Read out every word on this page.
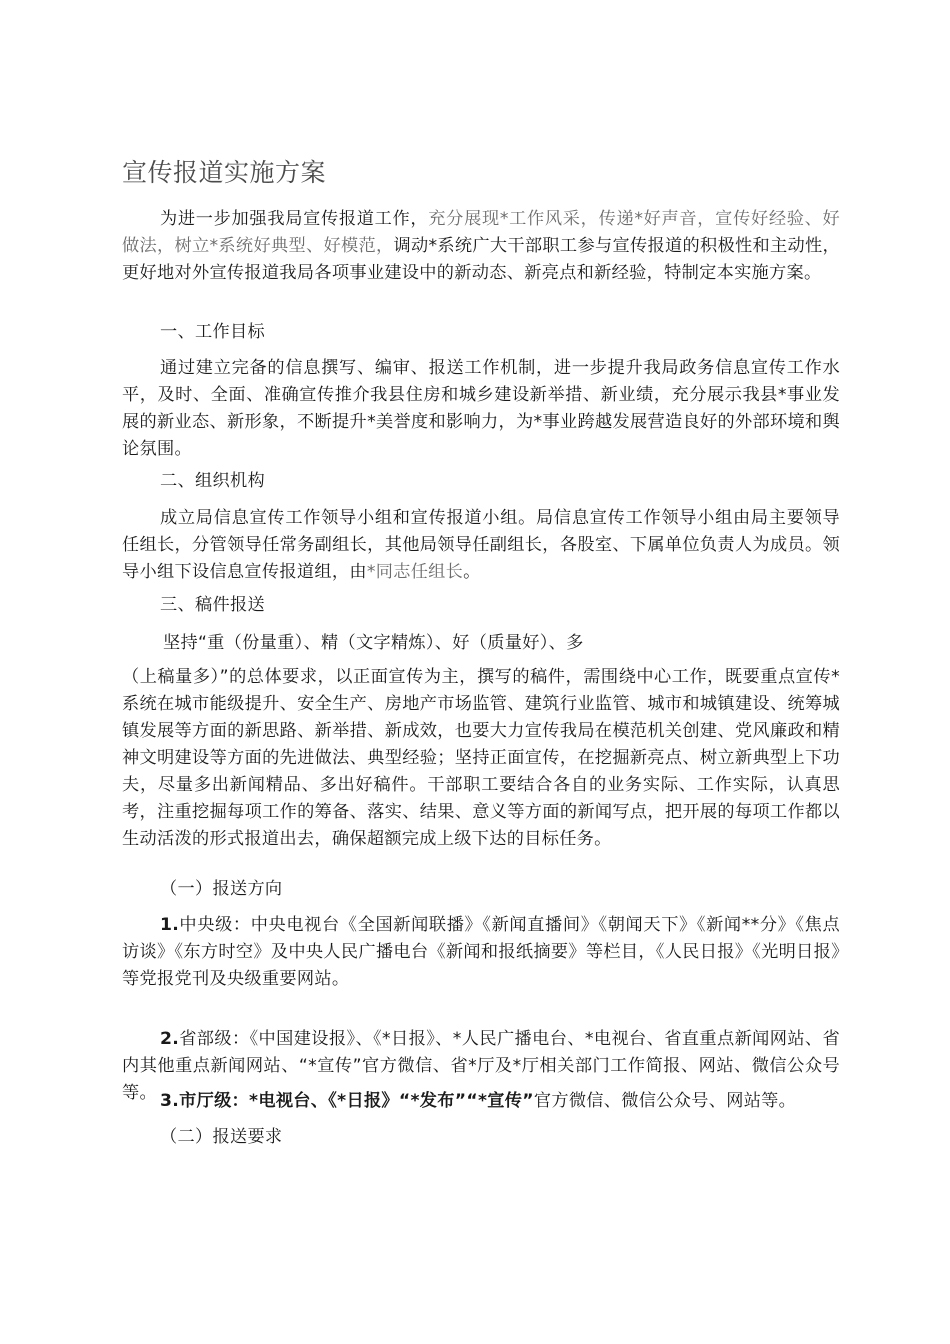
宣传报道实施方案

为进一步加强我局宣传报道工作，充分展现*工作风采，传递*好声音，宣传好经验、好做法，树立*系统好典型、好模范，调动*系统广大干部职工参与宣传报道的积极性和主动性，更好地对外宣传报道我局各项事业建设中的新动态、新亮点和新经验，特制定本实施方案。

一、工作目标

通过建立完备的信息撰写、编审、报送工作机制，进一步提升我局政务信息宣传工作水平，及时、全面、准确宣传推介我县住房和城乡建设新举措、新业绩，充分展示我县*事业发展的新业态、新形象，不断提升*美誉度和影响力，为*事业跨越发展营造良好的外部环境和舆论氛围。

二、组织机构

成立局信息宣传工作领导小组和宣传报道小组。局信息宣传工作领导小组由局主要领导任组长，分管领导任常务副组长，其他局领导任副组长，各股室、下属单位负责人为成员。领导小组下设信息宣传报道组，由*同志任组长。

三、稿件报送

坚持“重（份量重）、精（文字精炼）、好（质量好）、多

（上稿量多）”的总体要求，以正面宣传为主，撰写的稿件，需围绕中心工作，既要重点宣传*系统在城市能级提升、安全生产、房地产市场监管、建筑行业监管、城市和城镇建设、统筹城镇发展等方面的新思路、新举措、新成效，也要大力宣传我局在模范机关创建、党风廉政和精神文明建设等方面的先进做法、典型经验；坚持正面宣传，在挖掘新亮点、树立新典型上下功夫，尽量多出新闻精品、多出好稿件。干部职工要结合各自的业务实际、工作实际，认真思考，注重挖掘每项工作的筹备、落实、结果、意义等方面的新闻写点，把开展的每项工作都以生动活泼的形式报道出去，确保超额完成上级下达的目标任务。

（一）报送方向

1.中央级：中央电视台《全国新闻联播》《新闻直播间》《朝闻天下》《新闻**分》《焦点访谈》《东方时空》及中央人民广播电台《新闻和报纸摘要》等栏目，《人民日报》《光明日报》等党报党刊及央级重要网站。

2.省部级：《中国建设报》、《*日报》、*人民广播电台、*电视台、省直重点新闻网站、省内其他重点新闻网站、“*宣传”官方微信、省*厅及*厅相关部门工作简报、网站、微信公众号等。 3.市厅级：*电视台、《*日报》“*发布”“*宣传”官方微信、微信公众号、网站等。

（二）报送要求
